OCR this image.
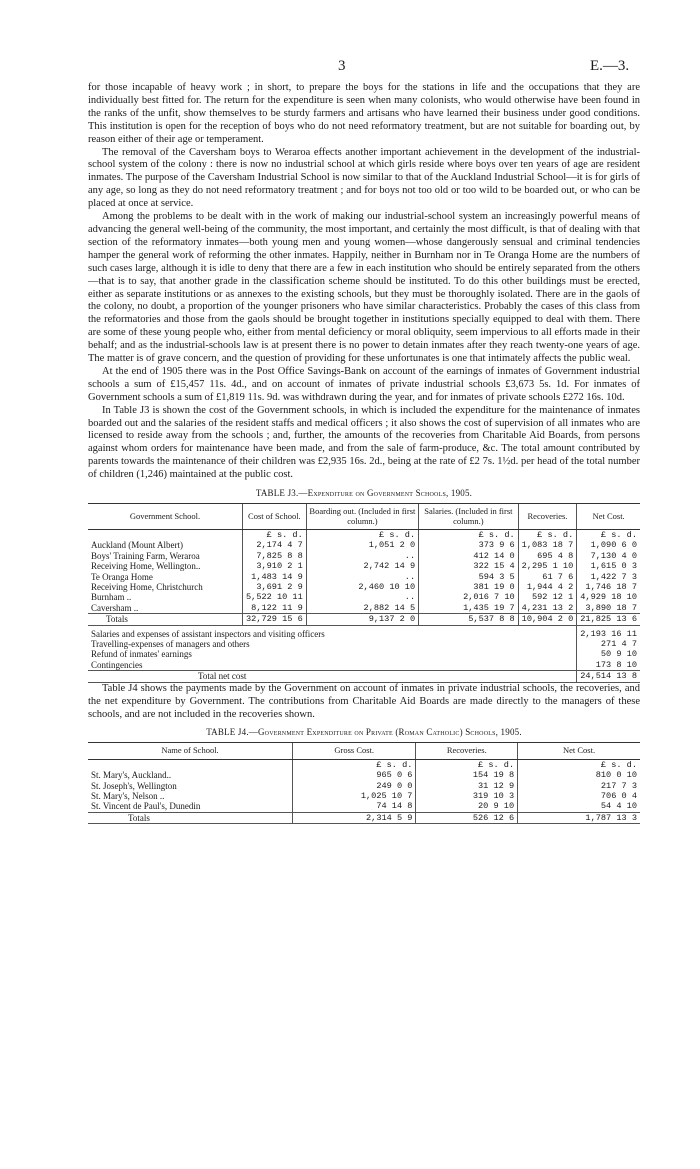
3	E.—3.

for those incapable of heavy work ; in short, to prepare the boys for the stations in life and the occupations that they are individually best fitted for. The return for the expenditure is seen when many colonists, who would otherwise have been found in the ranks of the unfit, show themselves to be sturdy farmers and artisans who have learned their business under good conditions. This institution is open for the reception of boys who do not need reformatory treatment, but are not suitable for boarding out, by reason either of their age or temperament.

The removal of the Caversham boys to Weraroa effects another important achievement in the development of the industrial-school system of the colony : there is now no industrial school at which girls reside where boys over ten years of age are resident inmates. The purpose of the Caversham Industrial School is now similar to that of the Auckland Industrial School—it is for girls of any age, so long as they do not need reformatory treatment ; and for boys not too old or too wild to be boarded out, or who can be placed at once at service.

Among the problems to be dealt with in the work of making our industrial-school system an increasingly powerful means of advancing the general well-being of the community, the most important, and certainly the most difficult, is that of dealing with that section of the reformatory inmates—both young men and young women—whose dangerously sensual and criminal tendencies hamper the general work of reforming the other inmates. Happily, neither in Burnham nor in Te Oranga Home are the numbers of such cases large, although it is idle to deny that there are a few in each institution who should be entirely separated from the others—that is to say, that another grade in the classification scheme should be instituted. To do this other buildings must be erected, either as separate institutions or as annexes to the existing schools, but they must be thoroughly isolated. There are in the gaols of the colony, no doubt, a proportion of the younger prisoners who have similar characteristics. Probably the cases of this class from the reformatories and those from the gaols should be brought together in institutions specially equipped to deal with them. There are some of these young people who, either from mental deficiency or moral obliquity, seem impervious to all efforts made in their behalf; and as the industrial-schools law is at present there is no power to detain inmates after they reach twenty-one years of age. The matter is of grave concern, and the question of providing for these unfortunates is one that intimately affects the public weal.

At the end of 1905 there was in the Post Office Savings-Bank on account of the earnings of inmates of Government industrial schools a sum of £15,457 11s. 4d., and on account of inmates of private industrial schools £3,673 5s. 1d. For inmates of Government schools a sum of £1,819 11s. 9d. was withdrawn during the year, and for inmates of private schools £272 16s. 10d.

In Table J3 is shown the cost of the Government schools, in which is included the expenditure for the maintenance of inmates boarded out and the salaries of the resident staffs and medical officers ; it also shows the cost of supervision of all inmates who are licensed to reside away from the schools ; and, further, the amounts of the recoveries from Charitable Aid Boards, from persons against whom orders for maintenance have been made, and from the sale of farm-produce, &c. The total amount contributed by parents towards the maintenance of their children was £2,935 16s. 2d., being at the rate of £2 7s. 1½d. per head of the total number of children (1,246) maintained at the public cost.

TABLE J3.—Expenditure on Government Schools, 1905.
Government School.	Cost of School.	Boarding out. (Included in first column.)	Salaries. (Included in first column.)	Recoveries.	Net Cost.
	£ s. d.	£ s. d.	£ s. d.	£ s. d.	£ s. d.
Auckland (Mount Albert)	2,174 4 7	1,051 2 0	373 9 6	1,083 18 7	1,090 6 0
Boys' Training Farm, Weraroa	7,825 8 8	..	412 14 0	695 4 8	7,130 4 0
Receiving Home, Wellington..	3,910 2 1	2,742 14 9	322 15 4	2,295 1 10	1,615 0 3
Te Oranga Home	1,483 14 9	..	594 3 5	61 7 6	1,422 7 3
Receiving Home, Christchurch	3,691 2 9	2,460 10 10	381 19 0	1,944 4 2	1,746 18 7
Burnham ..	5,522 10 11	..	2,016 7 10	592 12 1	4,929 18 10
Caversham ..	8,122 11 9	2,882 14 5	1,435 19 7	4,231 13 2	3,890 18 7
Totals	32,729 15 6	9,137 2 0	5,537 8 8	10,904 2 0	21,825 13 6
Salaries and expenses of assistant inspectors and visiting officers					2,193 16 11
Travelling-expenses of managers and others					271 4 7
Refund of inmates' earnings					50 9 10
Contingencies					173 8 10
Total net cost					24,514 13 8

Table J4 shows the payments made by the Government on account of inmates in private industrial schools, the recoveries, and the net expenditure by Government. The contributions from Charitable Aid Boards are made directly to the managers of these schools, and are not included in the recoveries shown.

TABLE J4.—Government Expenditure on Private (Roman Catholic) Schools, 1905.
Name of School.	Gross Cost.	Recoveries.	Net Cost.
	£ s. d.	£ s. d.	£ s. d.
St. Mary's, Auckland..	965 0 6	154 19 8	810 0 10
St. Joseph's, Wellington	249 0 0	31 12 9	217 7 3
St. Mary's, Nelson ..	1,025 10 7	319 10 3	706 0 4
St. Vincent de Paul's, Dunedin	74 14 8	20 9 10	54 4 10
Totals	2,314 5 9	526 12 6	1,787 13 3
